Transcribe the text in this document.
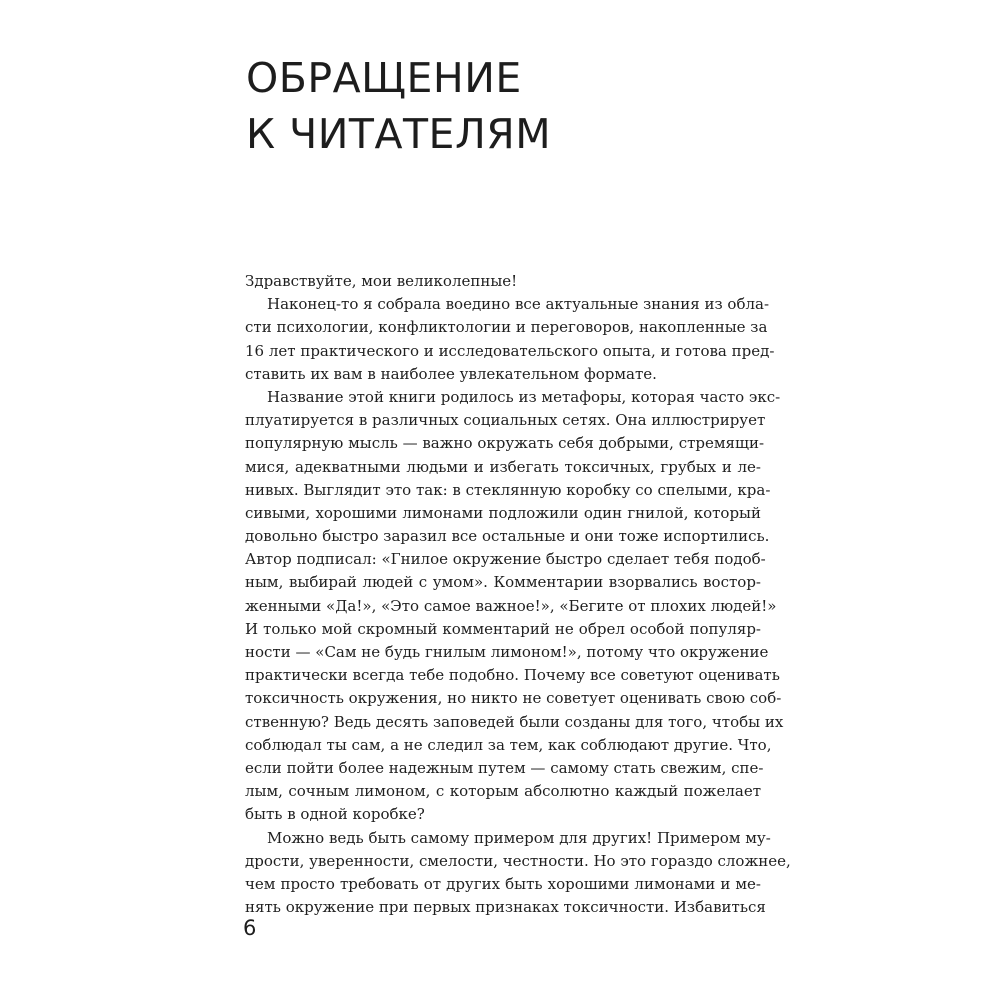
ОБРАЩЕНИЕ
К ЧИТАТЕЛЯМ
Здравствуйте, мои великолепные!
Наконец-то я собрала воедино все актуальные знания из обла-
сти психологии, конфликтологии и переговоров, накопленные за
16 лет практического и исследовательского опыта, и готова пред-
ставить их вам в наиболее увлекательном формате.
Название этой книги родилось из метафоры, которая часто экс-
плуатируется в различных социальных сетях. Она иллюстрирует
популярную мысль — важно окружать себя добрыми, стремящи-
мися, адекватными людьми и избегать токсичных, грубых и ле-
нивых. Выглядит это так: в стеклянную коробку со спелыми, кра-
сивыми, хорошими лимонами подложили один гнилой, который
довольно быстро заразил все остальные и они тоже испортились.
Автор подписал: «Гнилое окружение быстро сделает тебя подоб-
ным, выбирай людей с умом». Комментарии взорвались востор-
женными «Да!», «Это самое важное!», «Бегите от плохих людей!»
И только мой скромный комментарий не обрел особой популяр-
ности — «Сам не будь гнилым лимоном!», потому что окружение
практически всегда тебе подобно. Почему все советуют оценивать
токсичность окружения, но никто не советует оценивать свою соб-
ственную? Ведь десять заповедей были созданы для того, чтобы их
соблюдал ты сам, а не следил за тем, как соблюдают другие. Что,
если пойти более надежным путем — самому стать свежим, спе-
лым, сочным лимоном, с которым абсолютно каждый пожелает
быть в одной коробке?
Можно ведь быть самому примером для других! Примером му-
дрости, уверенности, смелости, честности. Но это гораздо сложнее,
чем просто требовать от других быть хорошими лимонами и ме-
нять окружение при первых признаках токсичности. Избавиться
6
